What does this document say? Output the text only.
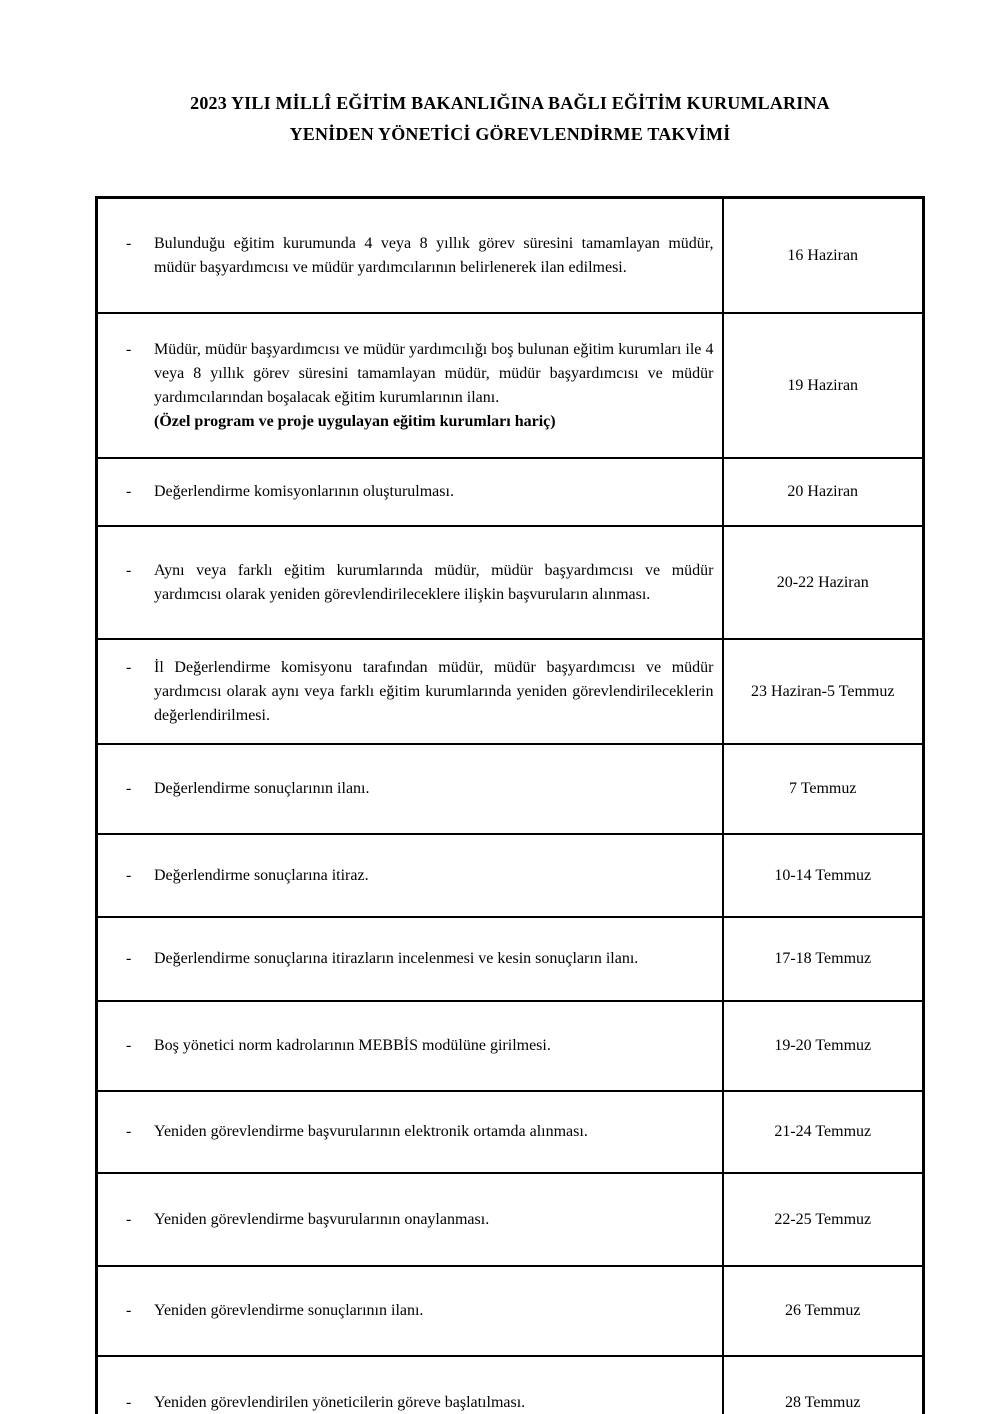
2023 YILI MİLLÎ EĞİTİM BAKANLIĞINA BAĞLI EĞİTİM KURUMLARINA
YENİDEN YÖNETİCİ GÖREVLENDİRME TAKVİMİ
- Bulunduğu eğitim kurumunda 4 veya 8 yıllık görev süresini tamamlayan müdür, müdür başyardımcısı ve müdür yardımcılarının belirlenerek ilan edilmesi.	16 Haziran

- Müdür, müdür başyardımcısı ve müdür yardımcılığı boş bulunan eğitim kurumları ile 4 veya 8 yıllık görev süresini tamamlayan müdür, müdür başyardımcısı ve müdür yardımcılarından boşalacak eğitim kurumlarının ilanı.
(Özel program ve proje uygulayan eğitim kurumları hariç)	19 Haziran

- Değerlendirme komisyonlarının oluşturulması.	20 Haziran

- Aynı veya farklı eğitim kurumlarında müdür, müdür başyardımcısı ve müdür yardımcısı olarak yeniden görevlendirileceklere ilişkin başvuruların alınması.	20-22 Haziran

- İl Değerlendirme komisyonu tarafından müdür, müdür başyardımcısı ve müdür yardımcısı olarak aynı veya farklı eğitim kurumlarında yeniden görevlendirileceklerin değerlendirilmesi.	23 Haziran-5 Temmuz

- Değerlendirme sonuçlarının ilanı.	7 Temmuz

- Değerlendirme sonuçlarına itiraz.	10-14 Temmuz

- Değerlendirme sonuçlarına itirazların incelenmesi ve kesin sonuçların ilanı.	17-18 Temmuz

- Boş yönetici norm kadrolarının MEBBİS modülüne girilmesi.	19-20 Temmuz

- Yeniden görevlendirme başvurularının elektronik ortamda alınması.	21-24 Temmuz

- Yeniden görevlendirme başvurularının onaylanması.	22-25 Temmuz

- Yeniden görevlendirme sonuçlarının ilanı.	26 Temmuz

- Yeniden görevlendirilen yöneticilerin göreve başlatılması.	28 Temmuz
